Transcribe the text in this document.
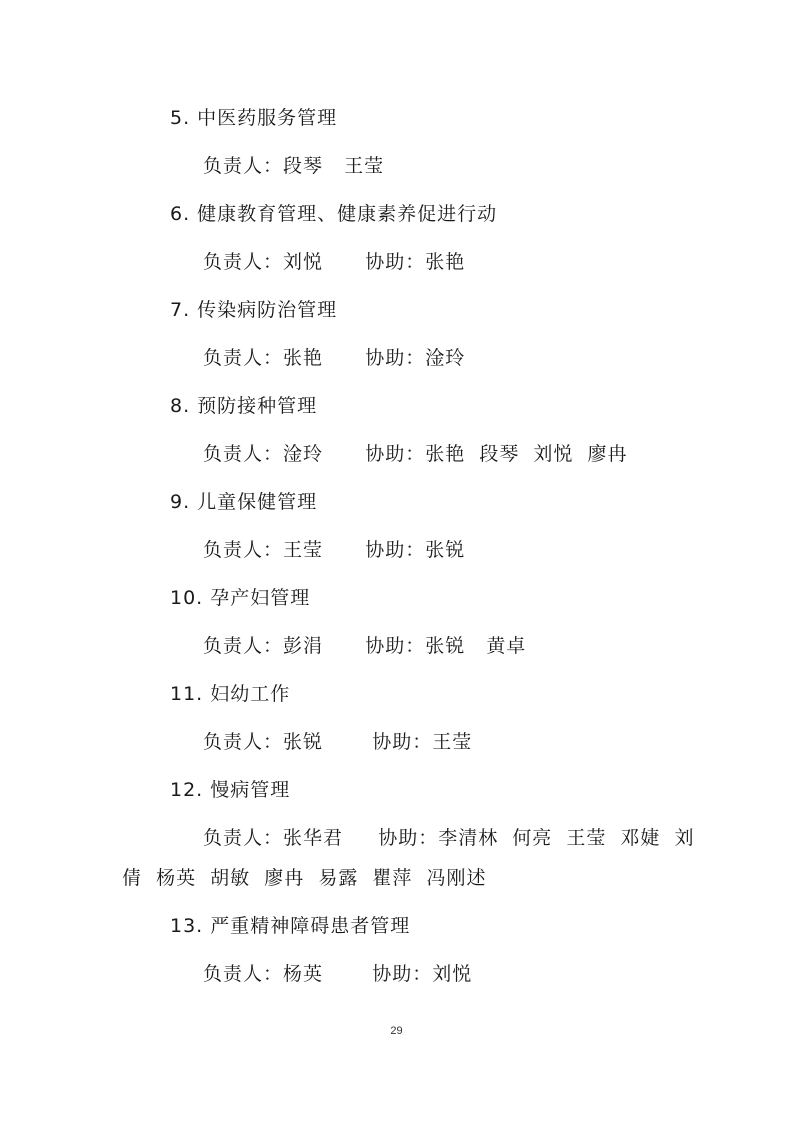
5. 中医药服务管理
负责人：段琴   王莹
6. 健康教育管理、健康素养促进行动
负责人：刘悦      协助：张艳
7. 传染病防治管理
负责人：张艳      协助：淦玲
8. 预防接种管理
负责人：淦玲      协助：张艳  段琴  刘悦  廖冉
9. 儿童保健管理
负责人：王莹      协助：张锐
10. 孕产妇管理
负责人：彭涓      协助：张锐   黄卓
11. 妇幼工作
负责人：张锐       协助：王莹
12. 慢病管理
负责人：张华君     协助：李清林  何亮  王莹  邓婕  刘
倩  杨英  胡敏  廖冉  易露  瞿萍  冯刚述
13. 严重精神障碍患者管理
负责人：杨英       协助：刘悦
29
